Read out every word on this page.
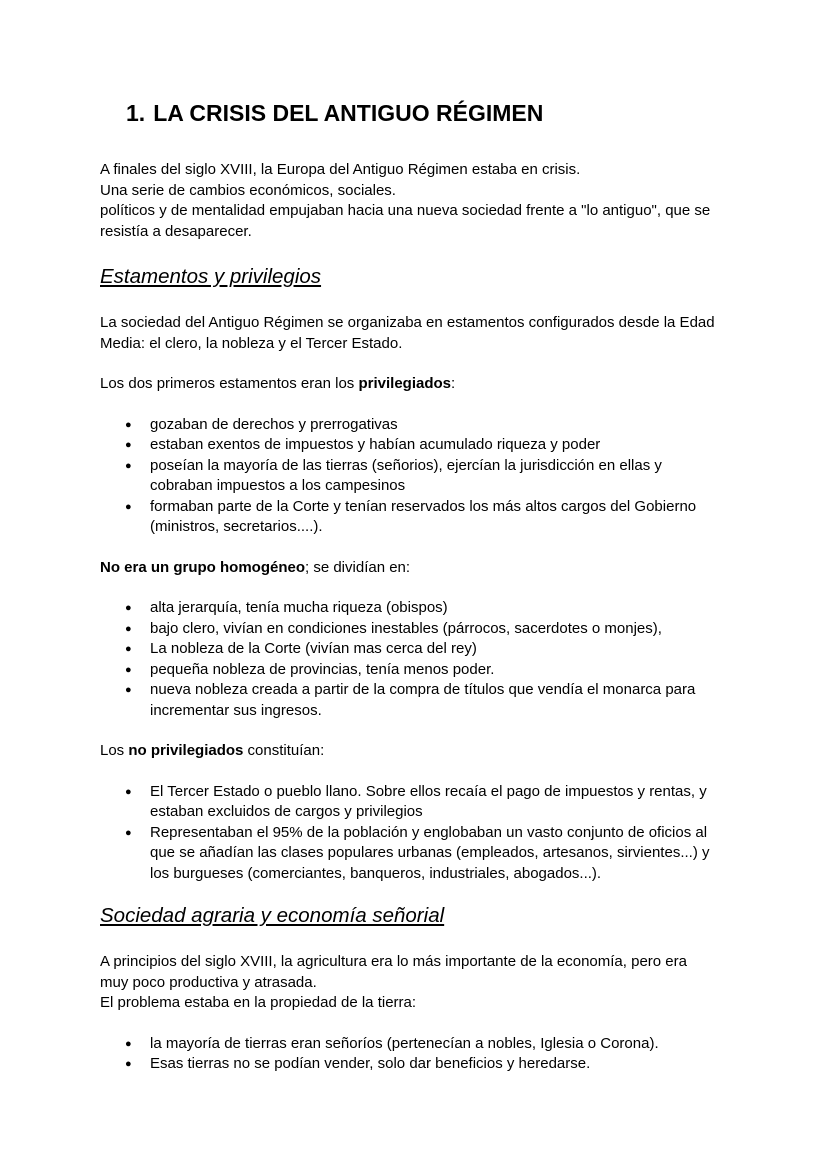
1. LA CRISIS DEL ANTIGUO RÉGIMEN

A finales del siglo XVIII, la Europa del Antiguo Régimen estaba en crisis.
Una serie de cambios económicos, sociales.
políticos y de mentalidad empujaban hacia una nueva sociedad frente a "lo antiguo", que se
resistía a desaparecer.

Estamentos y privilegios

La sociedad del Antiguo Régimen se organizaba en estamentos configurados desde la Edad
Media: el clero, la nobleza y el Tercer Estado.

Los dos primeros estamentos eran los privilegiados:

● gozaban de derechos y prerrogativas
● estaban exentos de impuestos y habían acumulado riqueza y poder
● poseían la mayoría de las tierras (señorios), ejercían la jurisdicción en ellas y
cobraban impuestos a los campesinos
● formaban parte de la Corte y tenían reservados los más altos cargos del Gobierno
(ministros, secretarios....).

No era un grupo homogéneo; se dividían en:

● alta jerarquía, tenía mucha riqueza (obispos)
● bajo clero, vivían en condiciones inestables (párrocos, sacerdotes o monjes),
● La nobleza de la Corte (vivían mas cerca del rey)
● pequeña nobleza de provincias, tenía menos poder.
● nueva nobleza creada a partir de la compra de títulos que vendía el monarca para
incrementar sus ingresos.

Los no privilegiados constituían:

● El Tercer Estado o pueblo llano. Sobre ellos recaía el pago de impuestos y rentas, y
estaban excluidos de cargos y privilegios
● Representaban el 95% de la población y englobaban un vasto conjunto de oficios al
que se añadían las clases populares urbanas (empleados, artesanos, sirvientes...) y
los burgueses (comerciantes, banqueros, industriales, abogados...).
Sociedad agraria y economía señorial

A principios del siglo XVIII, la agricultura era lo más importante de la economía, pero era
muy poco productiva y atrasada.
El problema estaba en la propiedad de la tierra:

● la mayoría de tierras eran señoríos (pertenecían a nobles, Iglesia o Corona).
● Esas tierras no se podían vender, solo dar beneficios y heredarse.
